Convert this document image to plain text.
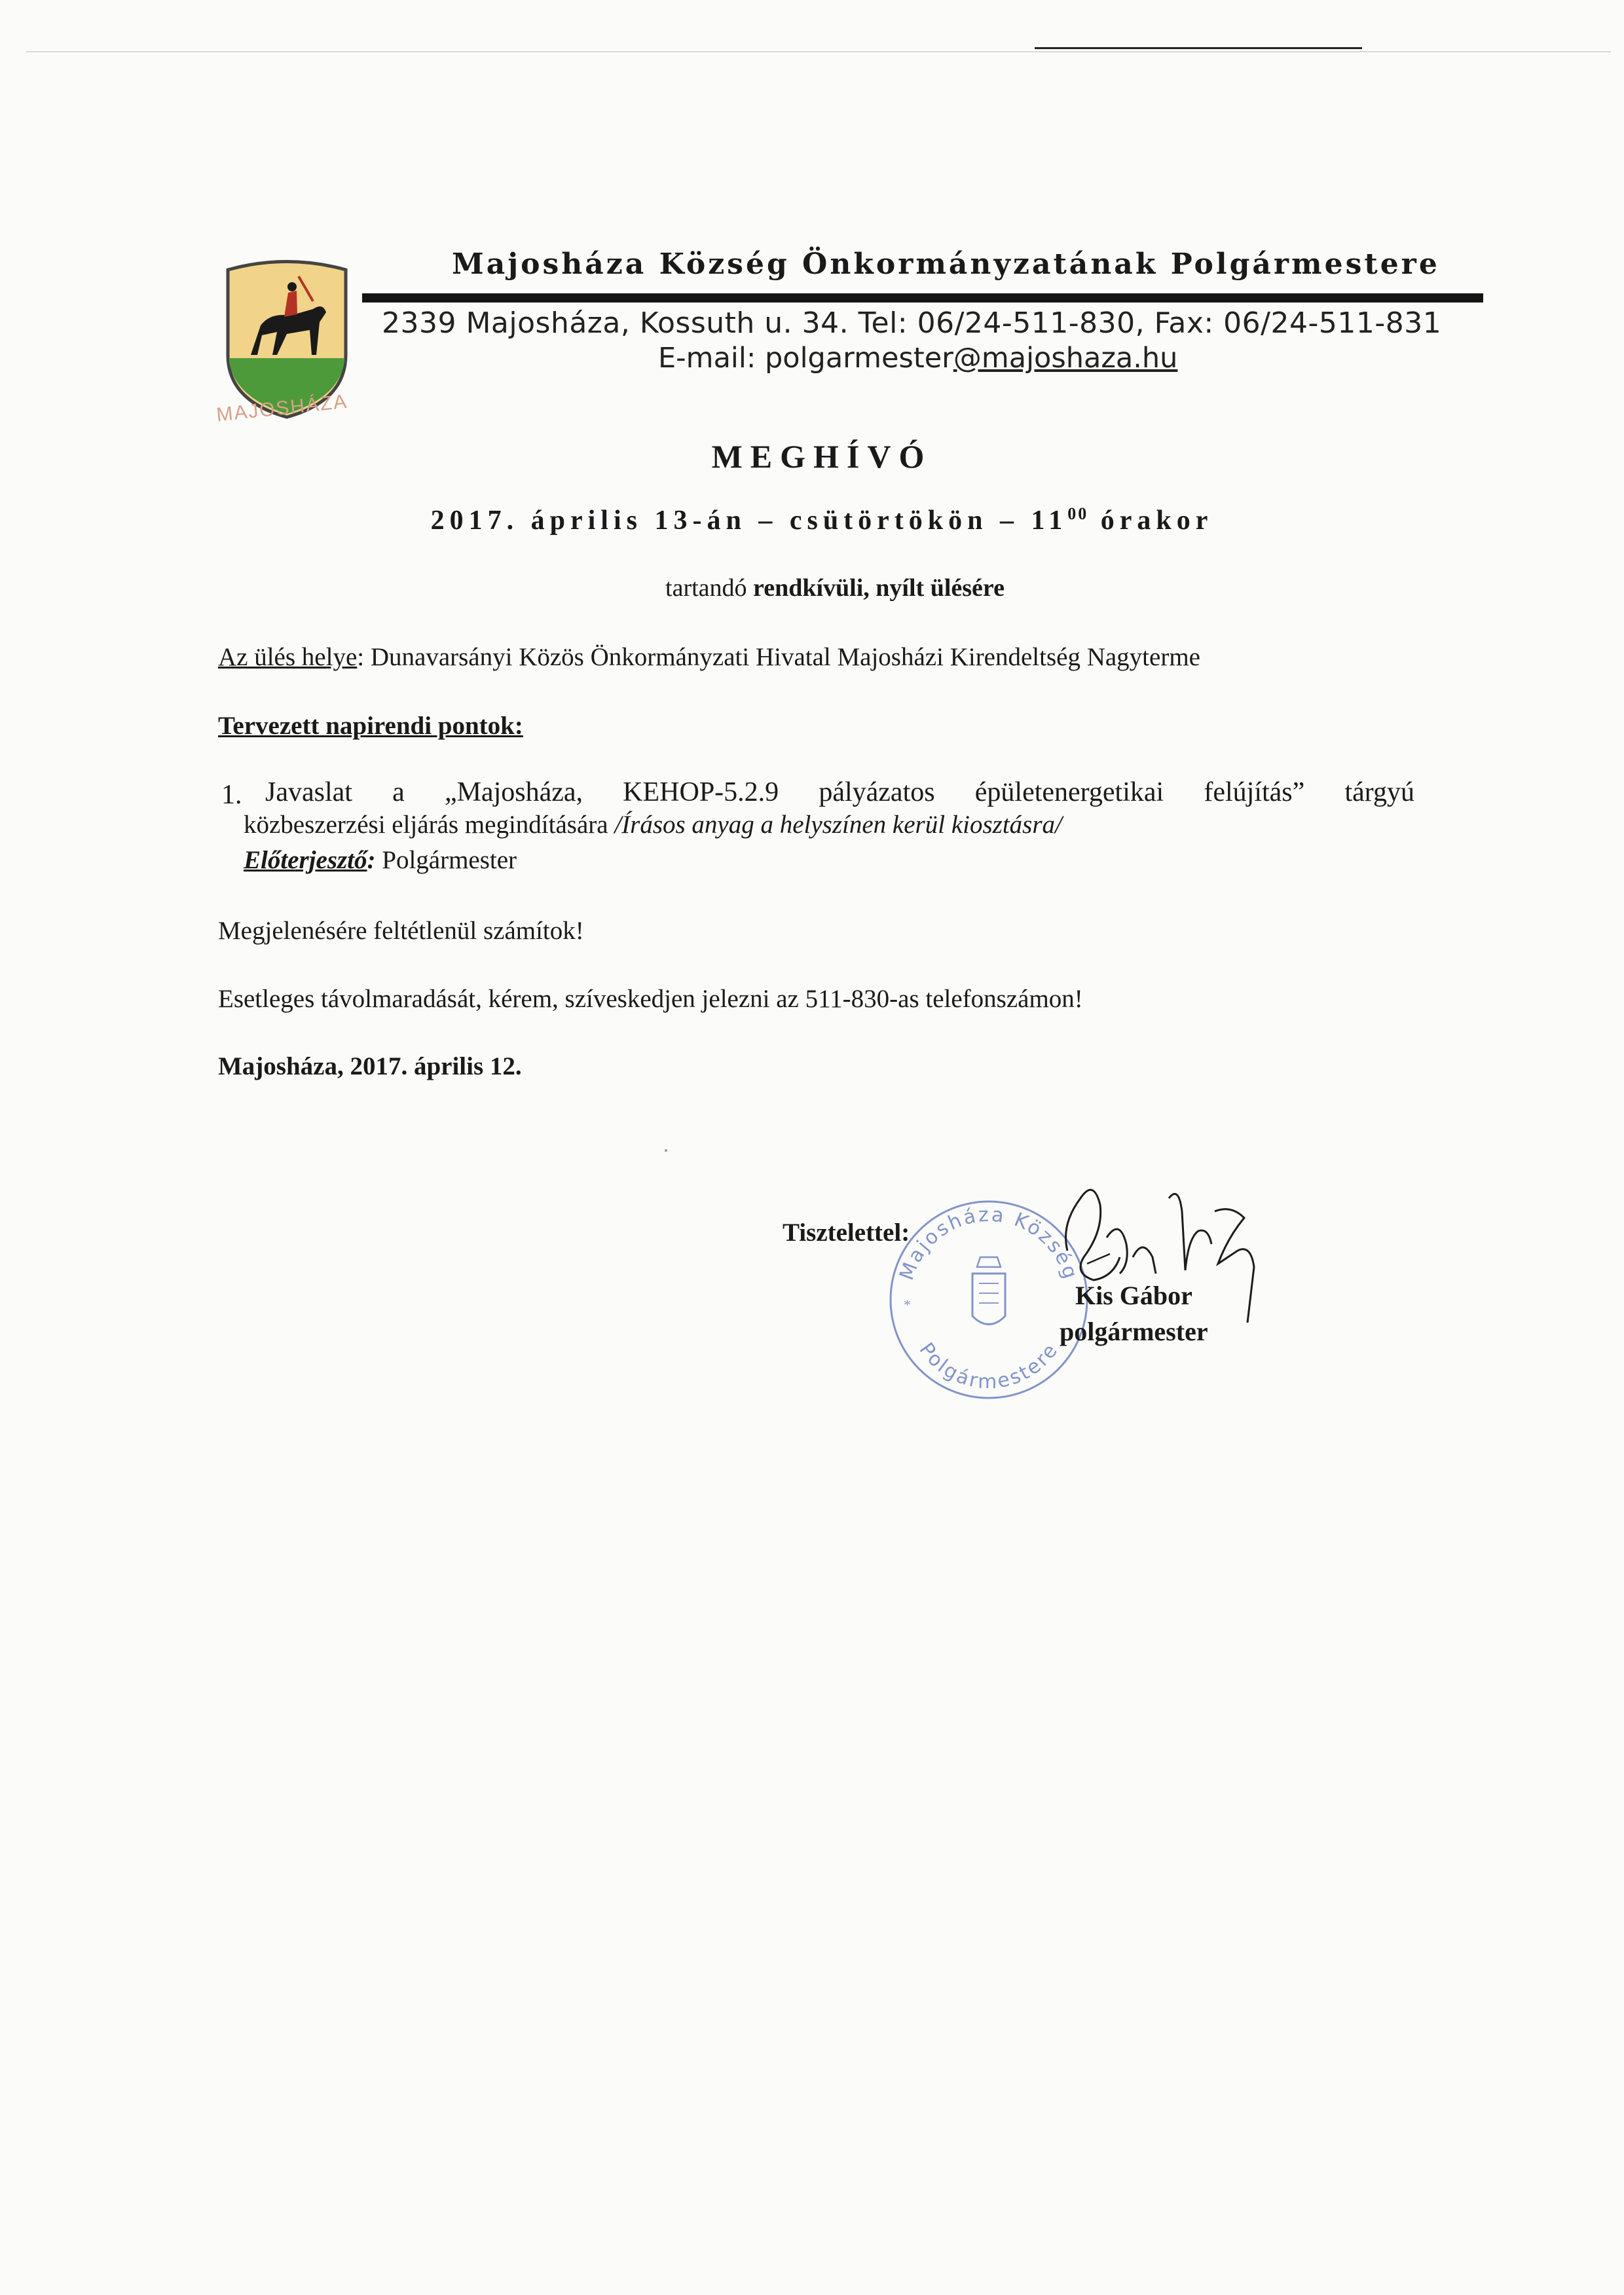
MAJOSHÁZA
Majosháza Község Önkormányzatának Polgármestere
2339 Majosháza, Kossuth u. 34. Tel: 06/24-511-830, Fax: 06/24-511-831
E-mail: polgarmester@majoshaza.hu
MEGHÍVÓ
2017. április 13-án – csütörtökön – $11^{00}$ órakor
tartandó rendkívüli, nyílt ülésére
Az ülés helye: Dunavarsányi Közös Önkormányzati Hivatal Majosházi Kirendeltség Nagyterme
Tervezett napirendi pontok:
1. Javaslat a „Majosháza, KEHOP-5.2.9 pályázatos épületenergetikai felújítás” tárgyú
közbeszerzési eljárás megindítására /Írásos anyag a helyszínen kerül kiosztásra/
Előterjesztő: Polgármester
Megjelenésére feltétlenül számítok!
Esetleges távolmaradását, kérem, szíveskedjen jelezni az 511-830-as telefonszámon!
Majosháza, 2017. április 12.
Majosháza Község
Polgármestere
*
Tisztelettel:
Kis Gábor
polgármester
